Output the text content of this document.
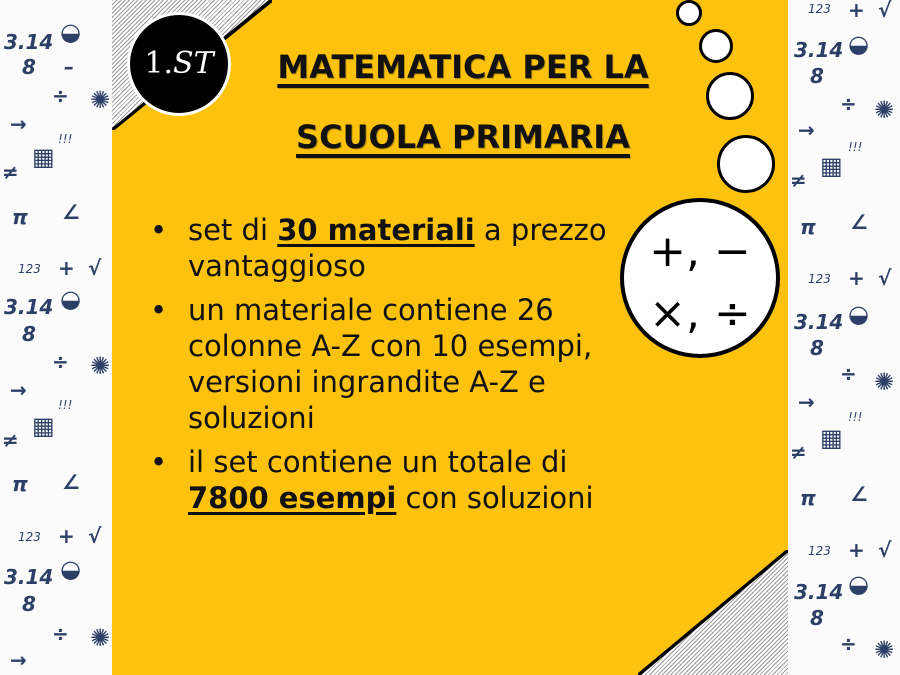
3.14 ◒
8 –
÷ ✺
→
!!!
▦
≠
π ∠
123 + √
3.14 ◒
8
÷ ✺
→
!!!
▦
≠
π ∠
123 + √
3.14 ◒
8
÷ ✺
→
1.ST	MATEMATICA PER LA
SCUOLA PRIMARIA
+, −
×, ÷
• set di 30 materiali a prezzo vantaggioso
• un materiale contiene 26 colonne A-Z con 10 esempi, versioni ingrandite A-Z e soluzioni
• il set contiene un totale di 7800 esempi con soluzioni
123 + √
3.14 ◒
8
÷ ✺
→
!!!
▦
≠
π ∠
123 + √
3.14 ◒
8
÷ ✺
→
!!!
▦
≠
π ∠
123 + √
3.14 ◒
8
÷ ✺
